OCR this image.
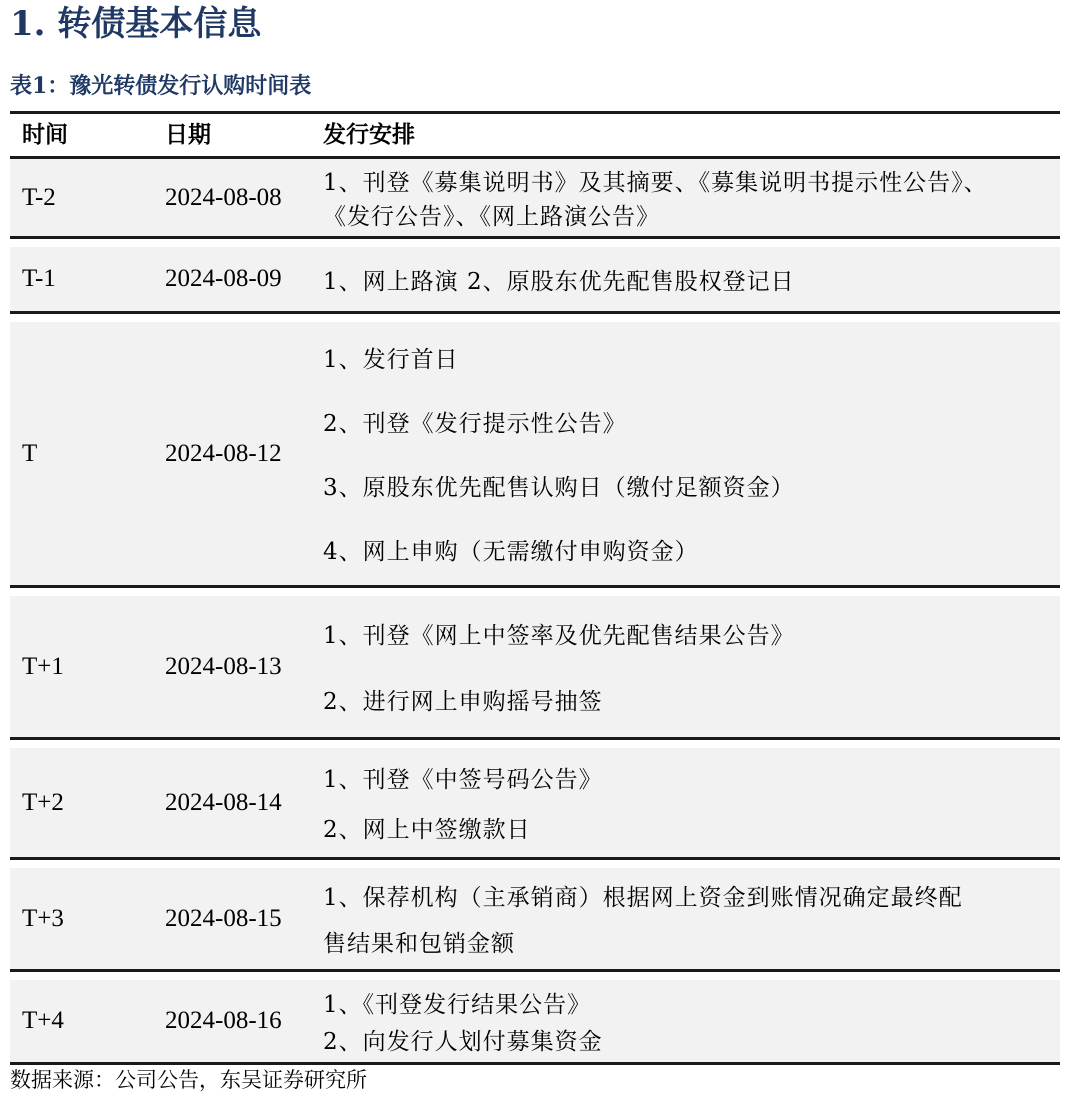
1. 转债基本信息
表1：豫光转债发行认购时间表
时间	日期	发行安排
T-2	2024-08-08
1、刊登《募集说明书》及其摘要、《募集说明书提示性公告》、
《发行公告》、《网上路演公告》
T-1	2024-08-09 1、网上路演 2、原股东优先配售股权登记日
T	2024-08-12
1、发行首日
2、刊登《发行提示性公告》
3、原股东优先配售认购日（缴付足额资金）
4、网上申购（无需缴付申购资金）
T+1	2024-08-13
1、刊登《网上中签率及优先配售结果公告》
2、进行网上申购摇号抽签
T+2	2024-08-14
1、刊登《中签号码公告》
2、网上中签缴款日
T+3	2024-08-15
1、保荐机构（主承销商）根据网上资金到账情况确定最终配
售结果和包销金额
T+4	2024-08-16
1、《刊登发行结果公告》
2、向发行人划付募集资金
数据来源：公司公告，东吴证券研究所
